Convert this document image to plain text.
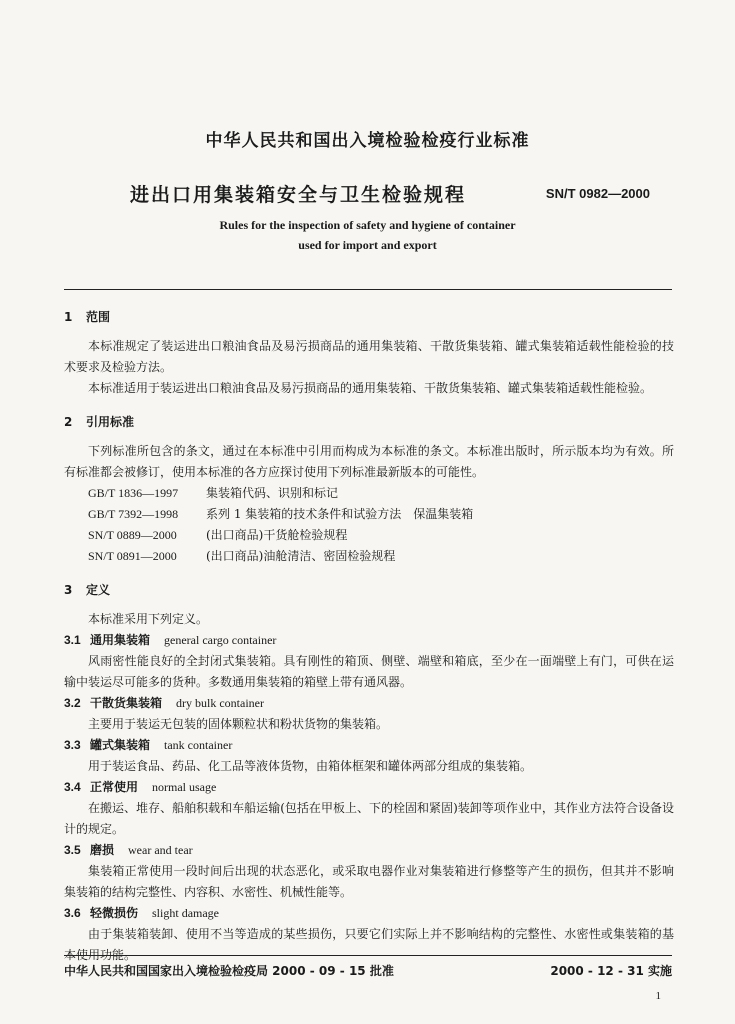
中华人民共和国出入境检验检疫行业标准
进出口用集装箱安全与卫生检验规程	SN/T 0982—2000
Rules for the inspection of safety and hygiene of container
used for import and export
1 范围

本标准规定了装运进出口粮油食品及易污损商品的通用集装箱、干散货集装箱、罐式集装箱适载性能检验的技术要求及检验方法。

本标准适用于装运进出口粮油食品及易污损商品的通用集装箱、干散货集装箱、罐式集装箱适载性能检验。

2 引用标准

下列标准所包含的条文，通过在本标准中引用而构成为本标准的条文。本标准出版时，所示版本均为有效。所有标准都会被修订，使用本标准的各方应探讨使用下列标准最新版本的可能性。

GB/T 1836—1997 集装箱代码、识别和标记
GB/T 7392—1998 系列 1 集装箱的技术条件和试验方法　保温集装箱
SN/T 0889—2000 (出口商品)干货舱检验规程
SN/T 0891—2000 (出口商品)油舱清洁、密固检验规程
3 定义

本标准采用下列定义。

3.1 通用集装箱 general cargo container

风雨密性能良好的全封闭式集装箱。具有刚性的箱顶、侧壁、端壁和箱底，至少在一面端壁上有门，可供在运输中装运尽可能多的货种。多数通用集装箱的箱壁上带有通风器。

3.2 干散货集装箱 dry bulk container

主要用于装运无包装的固体颗粒状和粉状货物的集装箱。

3.3 罐式集装箱 tank container

用于装运食品、药品、化工品等液体货物，由箱体框架和罐体两部分组成的集装箱。

3.4 正常使用 normal usage

在搬运、堆存、船舶积载和车船运输(包括在甲板上、下的栓固和紧固)装卸等项作业中，其作业方法符合设备设计的规定。

3.5 磨损 wear and tear

集装箱正常使用一段时间后出现的状态恶化，或采取电器作业对集装箱进行修整等产生的损伤，但其并不影响集装箱的结构完整性、内容积、水密性、机械性能等。

3.6 轻微损伤 slight damage

由于集装箱装卸、使用不当等造成的某些损伤，只要它们实际上并不影响结构的完整性、水密性或集装箱的基本使用功能。

中华人民共和国国家出入境检验检疫局 2000 - 09 - 15 批准	2000 - 12 - 31 实施
1
